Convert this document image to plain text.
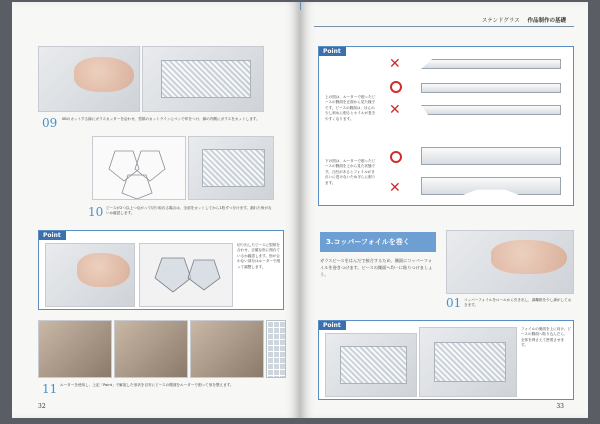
09 0Bのカットする線にガラスカッターを沿わせ、型紙のカットラインにペンで印をつけ、線の内側にガラスをカットします。
10 ピースが2つ以上つながって切り取れる場合は、全部をカットしてから1枚ずつ分けます。割れた角がないか確認します。
Point
切り出したピースに型紙を合わせ、正確な形に削れているか確認します。形が合わない部分はルーターで削って調整します。
11 ルーターを使用し、上記「Point」で解説した形状を目安にピースの側面をルーターで削って形を整えます。
32
ステンドグラス 作品制作の基礎
Point
上の図は、ルーターで削ったピースの側面を正面から見た様子です。ピースの側面は、ほんの少し斜めに削るとホイルが巻きやすくなります。
下の図は、ルーターで削ったピースの側面を上から見た状態です。凸凹があるとフォイルがきれいに巻けないため平らに削ります。
✕
✕
✕
3.コッパーフォイルを巻く
ガラスピースをはんだで接合するため、側面にコッパーフォイルを巻きつけます。ピースの側面へ均一に貼りつけましょう。
01 コッパーフォイルをロールから引き出し、剥離紙を少し剥がしておきます。
Point	フォイルの裏面を上に向け、ピースの側面へ貼り込んだら、全体を押さえて密着させます。
33
